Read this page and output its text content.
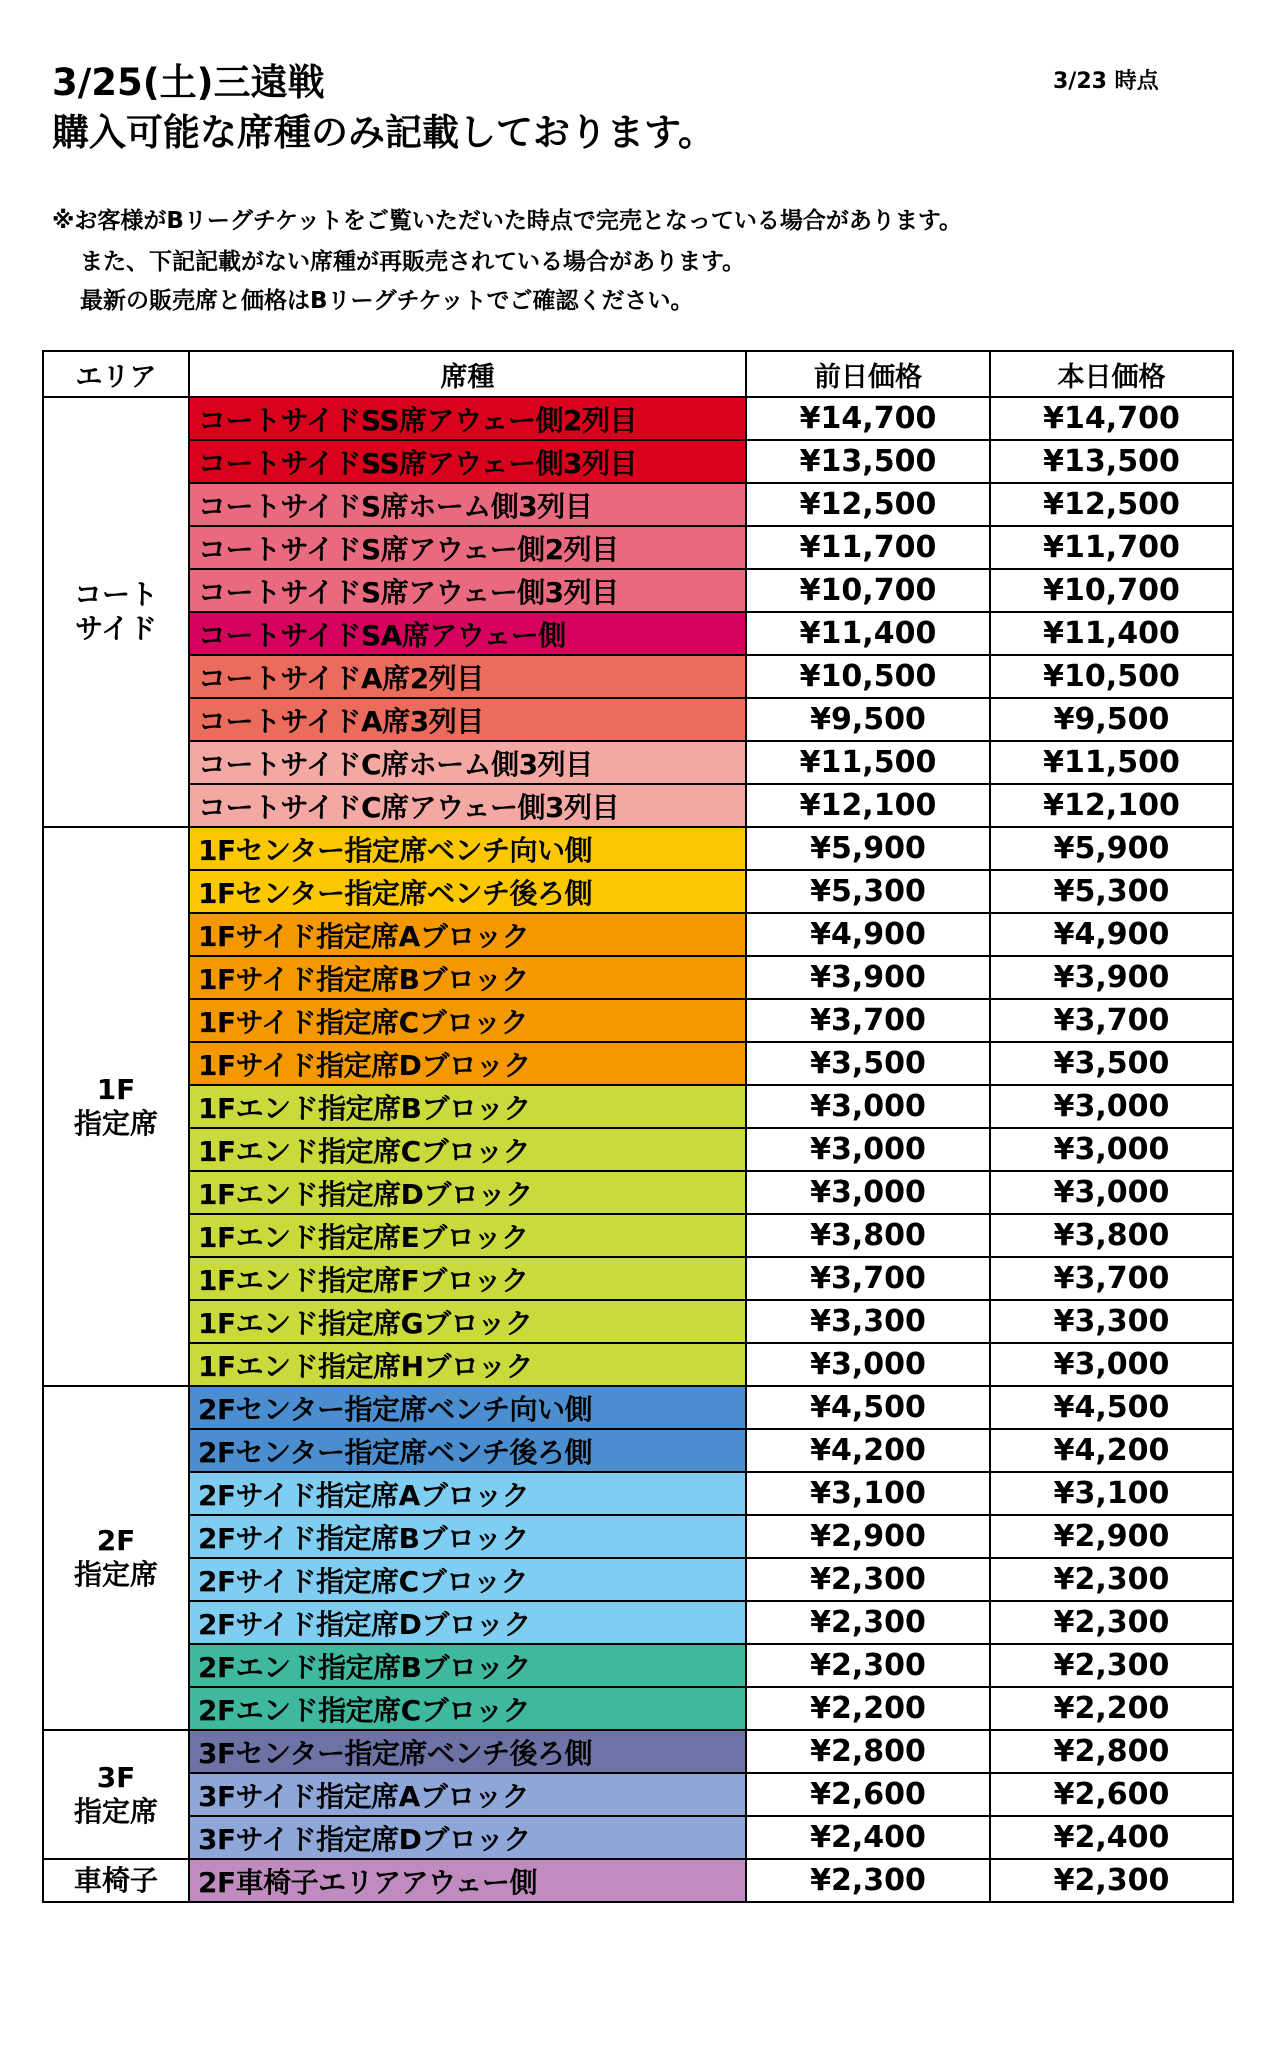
3/25(土)三遠戦
購入可能な席種のみ記載しております。
3/23 時点
※お客様がBリーグチケットをご覧いただいた時点で完売となっている場合があります。
また、下記記載がない席種が再販売されている場合があります。
最新の販売席と価格はBリーグチケットでご確認ください。
エリア	席種	前日価格	本日価格
コート
サイド	コートサイドSS席アウェー側2列目	¥14,700	¥14,700
	コートサイドSS席アウェー側3列目	¥13,500	¥13,500
	コートサイドS席ホーム側3列目	¥12,500	¥12,500
	コートサイドS席アウェー側2列目	¥11,700	¥11,700
	コートサイドS席アウェー側3列目	¥10,700	¥10,700
	コートサイドSA席アウェー側	¥11,400	¥11,400
	コートサイドA席2列目	¥10,500	¥10,500
	コートサイドA席3列目	¥9,500	¥9,500
	コートサイドC席ホーム側3列目	¥11,500	¥11,500
	コートサイドC席アウェー側3列目	¥12,100	¥12,100
1F
指定席	1Fセンター指定席ベンチ向い側	¥5,900	¥5,900
	1Fセンター指定席ベンチ後ろ側	¥5,300	¥5,300
	1Fサイド指定席Aブロック	¥4,900	¥4,900
	1Fサイド指定席Bブロック	¥3,900	¥3,900
	1Fサイド指定席Cブロック	¥3,700	¥3,700
	1Fサイド指定席Dブロック	¥3,500	¥3,500
	1Fエンド指定席Bブロック	¥3,000	¥3,000
	1Fエンド指定席Cブロック	¥3,000	¥3,000
	1Fエンド指定席Dブロック	¥3,000	¥3,000
	1Fエンド指定席Eブロック	¥3,800	¥3,800
	1Fエンド指定席Fブロック	¥3,700	¥3,700
	1Fエンド指定席Gブロック	¥3,300	¥3,300
	1Fエンド指定席Hブロック	¥3,000	¥3,000
2F
指定席	2Fセンター指定席ベンチ向い側	¥4,500	¥4,500
	2Fセンター指定席ベンチ後ろ側	¥4,200	¥4,200
	2Fサイド指定席Aブロック	¥3,100	¥3,100
	2Fサイド指定席Bブロック	¥2,900	¥2,900
	2Fサイド指定席Cブロック	¥2,300	¥2,300
	2Fサイド指定席Dブロック	¥2,300	¥2,300
	2Fエンド指定席Bブロック	¥2,300	¥2,300
	2Fエンド指定席Cブロック	¥2,200	¥2,200
3F
指定席	3Fセンター指定席ベンチ後ろ側	¥2,800	¥2,800
	3Fサイド指定席Aブロック	¥2,600	¥2,600
	3Fサイド指定席Dブロック	¥2,400	¥2,400
車椅子	2F車椅子エリアアウェー側	¥2,300	¥2,300
